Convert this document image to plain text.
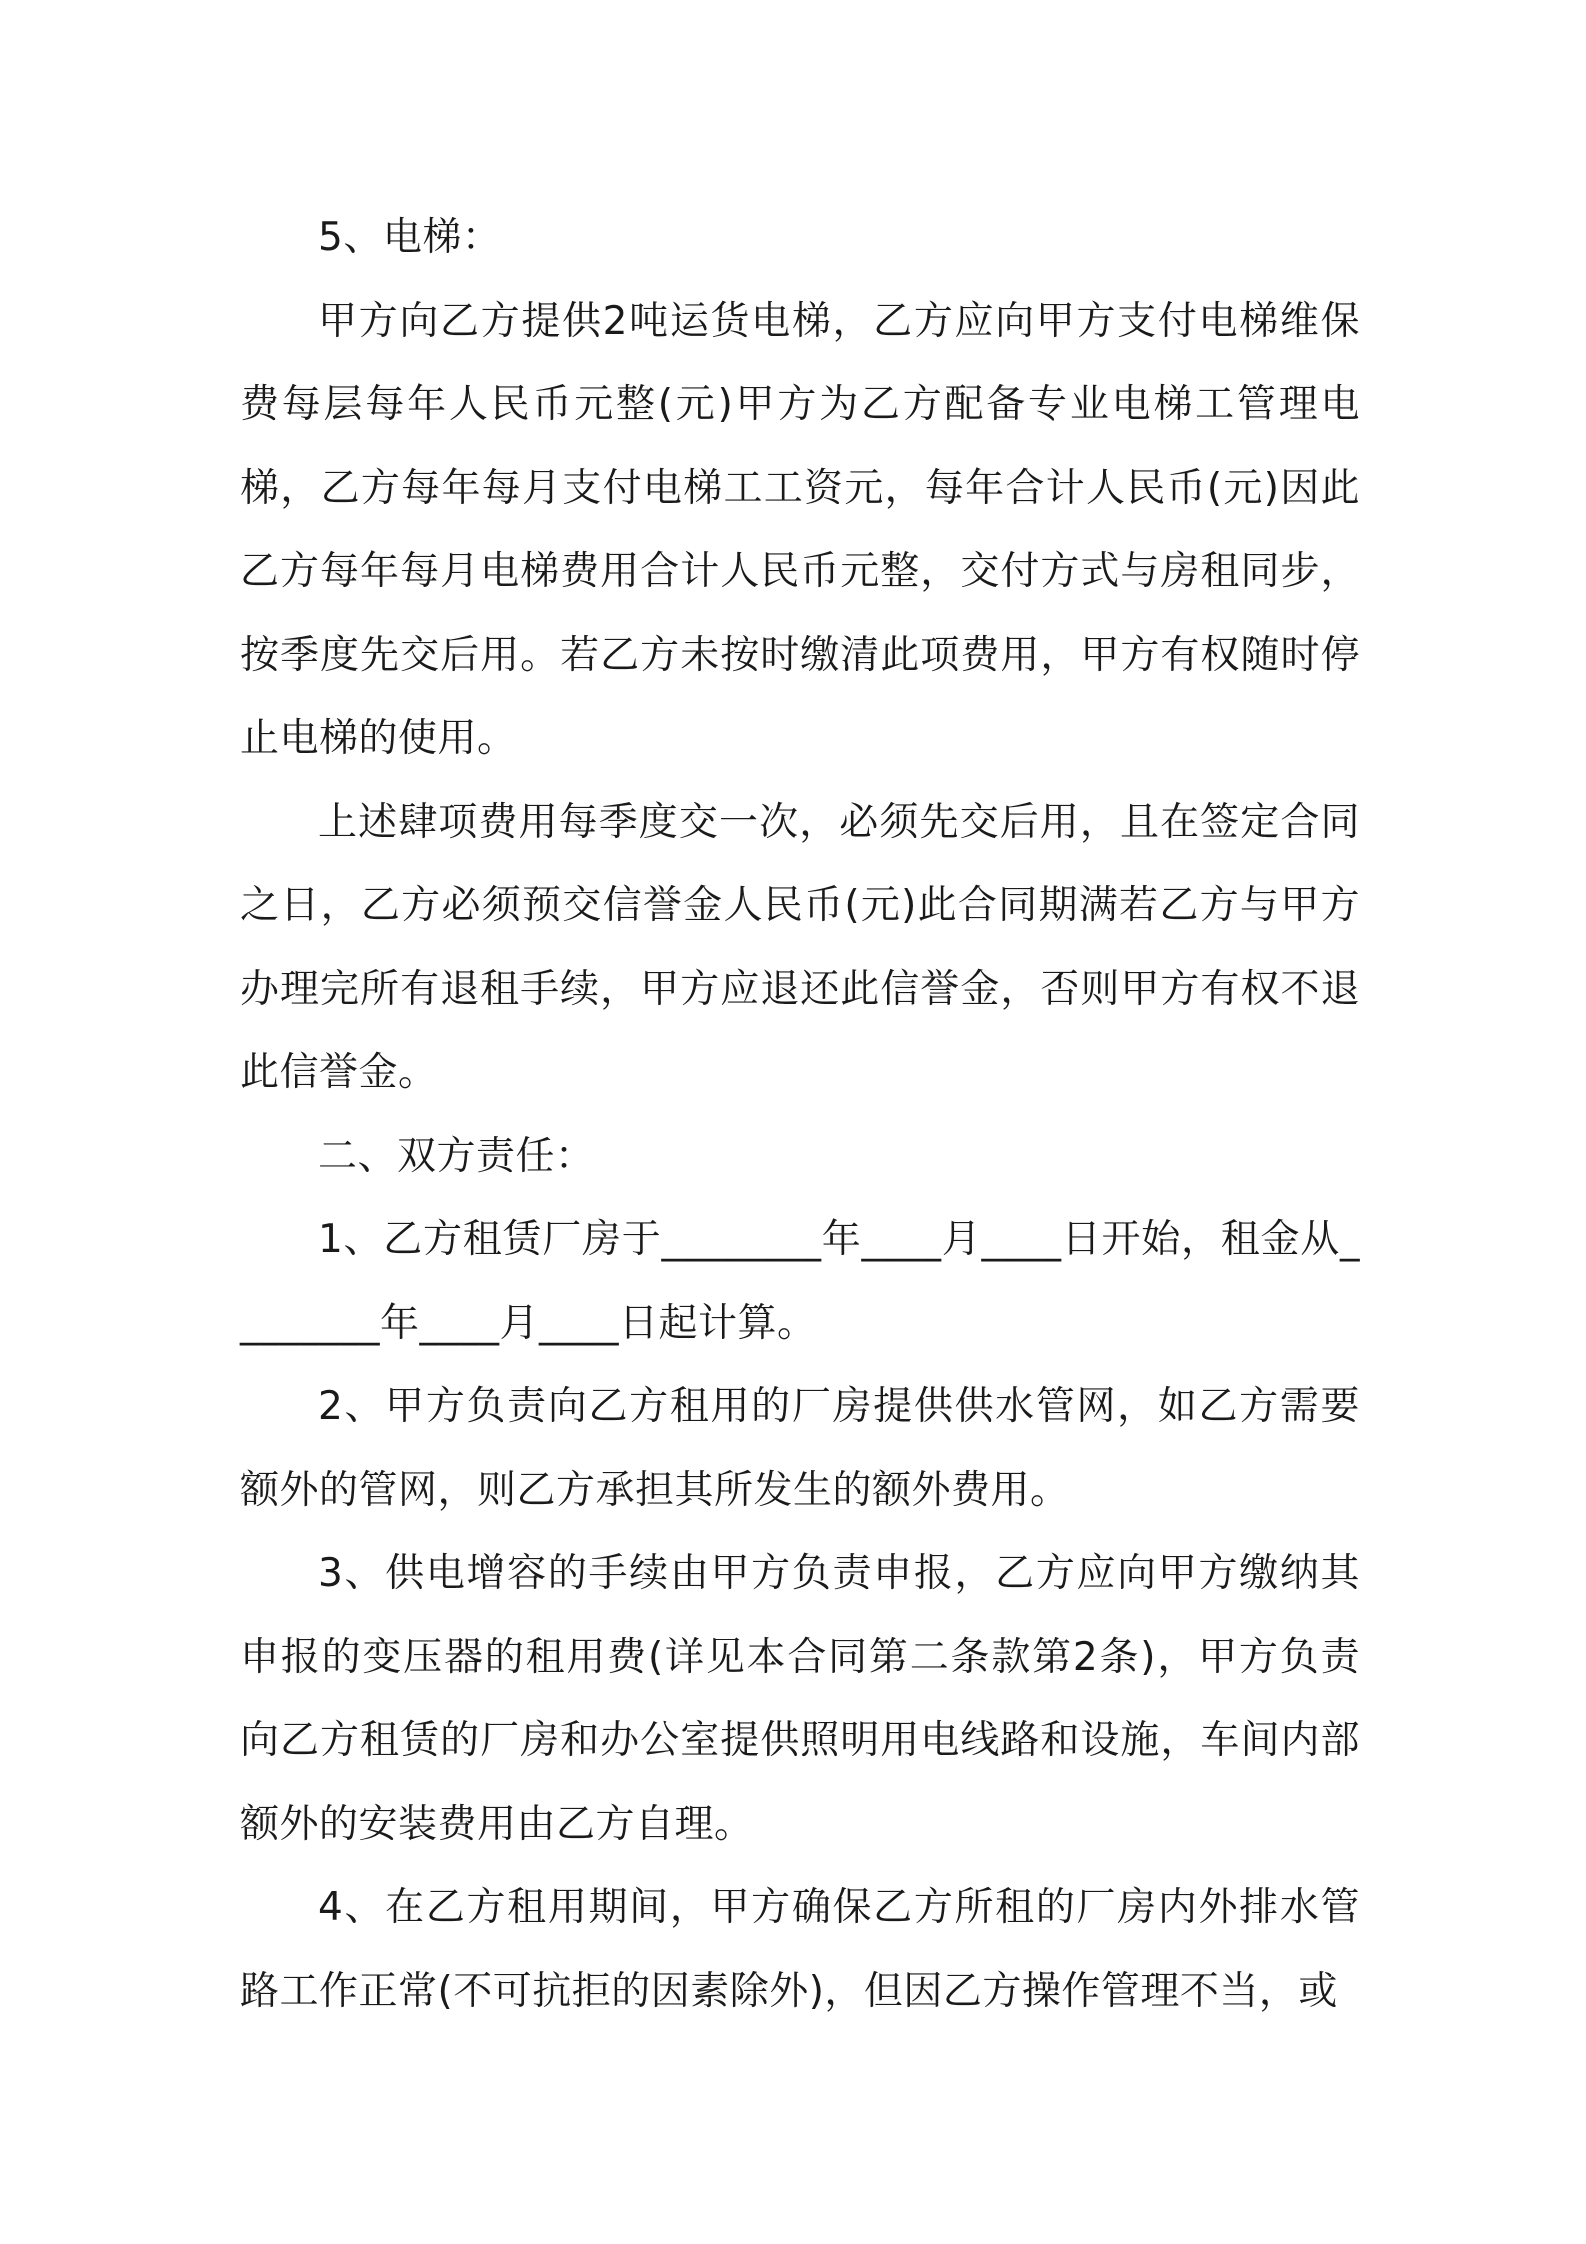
5、电梯：

甲方向乙方提供2吨运货电梯，乙方应向甲方支付电梯维保费每层每年人民币元整(元)甲方为乙方配备专业电梯工管理电梯，乙方每年每月支付电梯工工资元，每年合计人民币(元)因此乙方每年每月电梯费用合计人民币元整，交付方式与房租同步，按季度先交后用。若乙方未按时缴清此项费用，甲方有权随时停止电梯的使用。

上述肆项费用每季度交一次，必须先交后用，且在签定合同之日，乙方必须预交信誉金人民币(元)此合同期满若乙方与甲方办理完所有退租手续，甲方应退还此信誉金，否则甲方有权不退此信誉金。

二、双方责任：

1、乙方租赁厂房于________年____月____日开始，租金从________年____月____日起计算。

2、甲方负责向乙方租用的厂房提供供水管网，如乙方需要额外的管网，则乙方承担其所发生的额外费用。

3、供电增容的手续由甲方负责申报，乙方应向甲方缴纳其申报的变压器的租用费(详见本合同第二条款第2条)，甲方负责向乙方租赁的厂房和办公室提供照明用电线路和设施，车间内部额外的安装费用由乙方自理。

4、在乙方租用期间，甲方确保乙方所租的厂房内外排水管路工作正常(不可抗拒的因素除外)，但因乙方操作管理不当，或
